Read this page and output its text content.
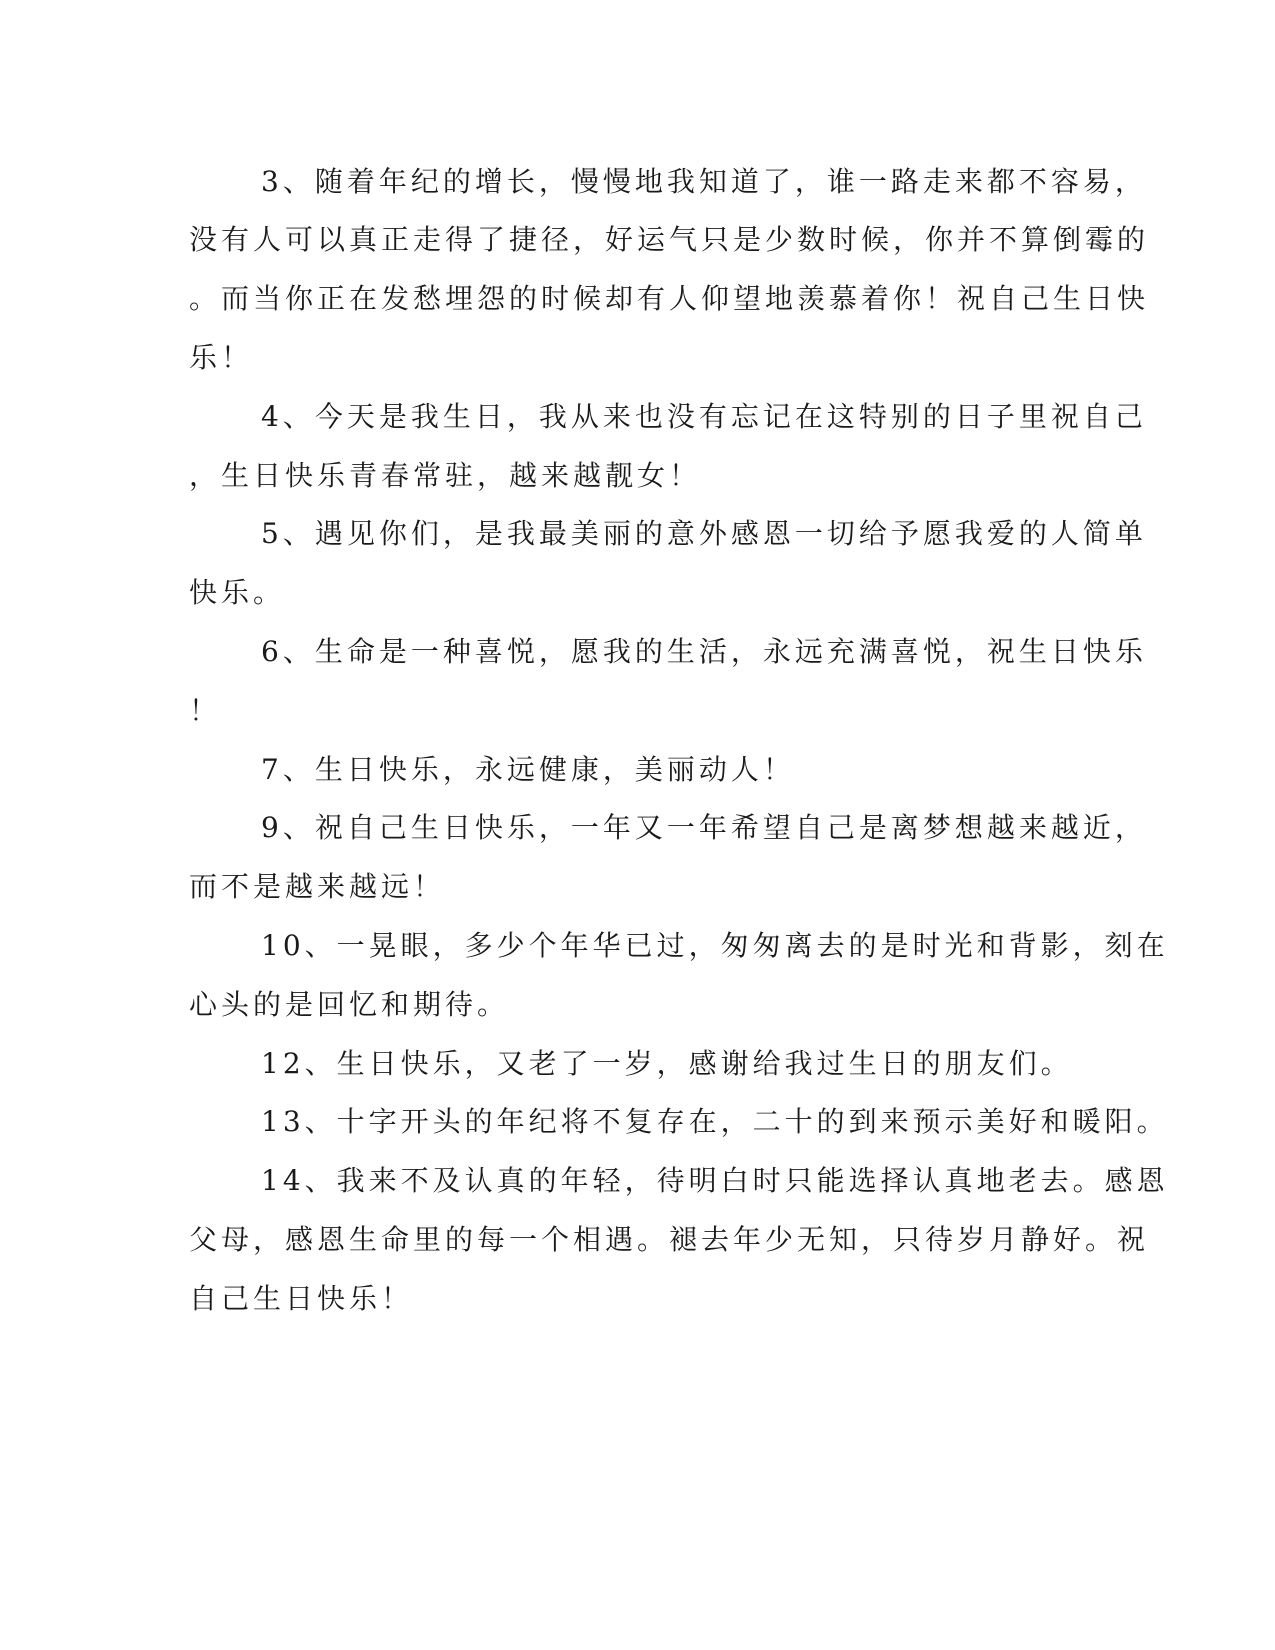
3、随着年纪的增长，慢慢地我知道了，谁一路走来都不容易，
没有人可以真正走得了捷径，好运气只是少数时候，你并不算倒霉的
。而当你正在发愁埋怨的时候却有人仰望地羡慕着你！祝自己生日快
乐！
4、今天是我生日，我从来也没有忘记在这特别的日子里祝自己
，生日快乐青春常驻，越来越靓女！
5、遇见你们，是我最美丽的意外感恩一切给予愿我爱的人简单
快乐。
6、生命是一种喜悦，愿我的生活，永远充满喜悦，祝生日快乐
！
7、生日快乐，永远健康，美丽动人！
9、祝自己生日快乐，一年又一年希望自己是离梦想越来越近，
而不是越来越远！
10、一晃眼，多少个年华已过，匆匆离去的是时光和背影，刻在
心头的是回忆和期待。
12、生日快乐，又老了一岁，感谢给我过生日的朋友们。
13、十字开头的年纪将不复存在，二十的到来预示美好和暖阳。
14、我来不及认真的年轻，待明白时只能选择认真地老去。感恩
父母，感恩生命里的每一个相遇。褪去年少无知，只待岁月静好。祝
自己生日快乐！
